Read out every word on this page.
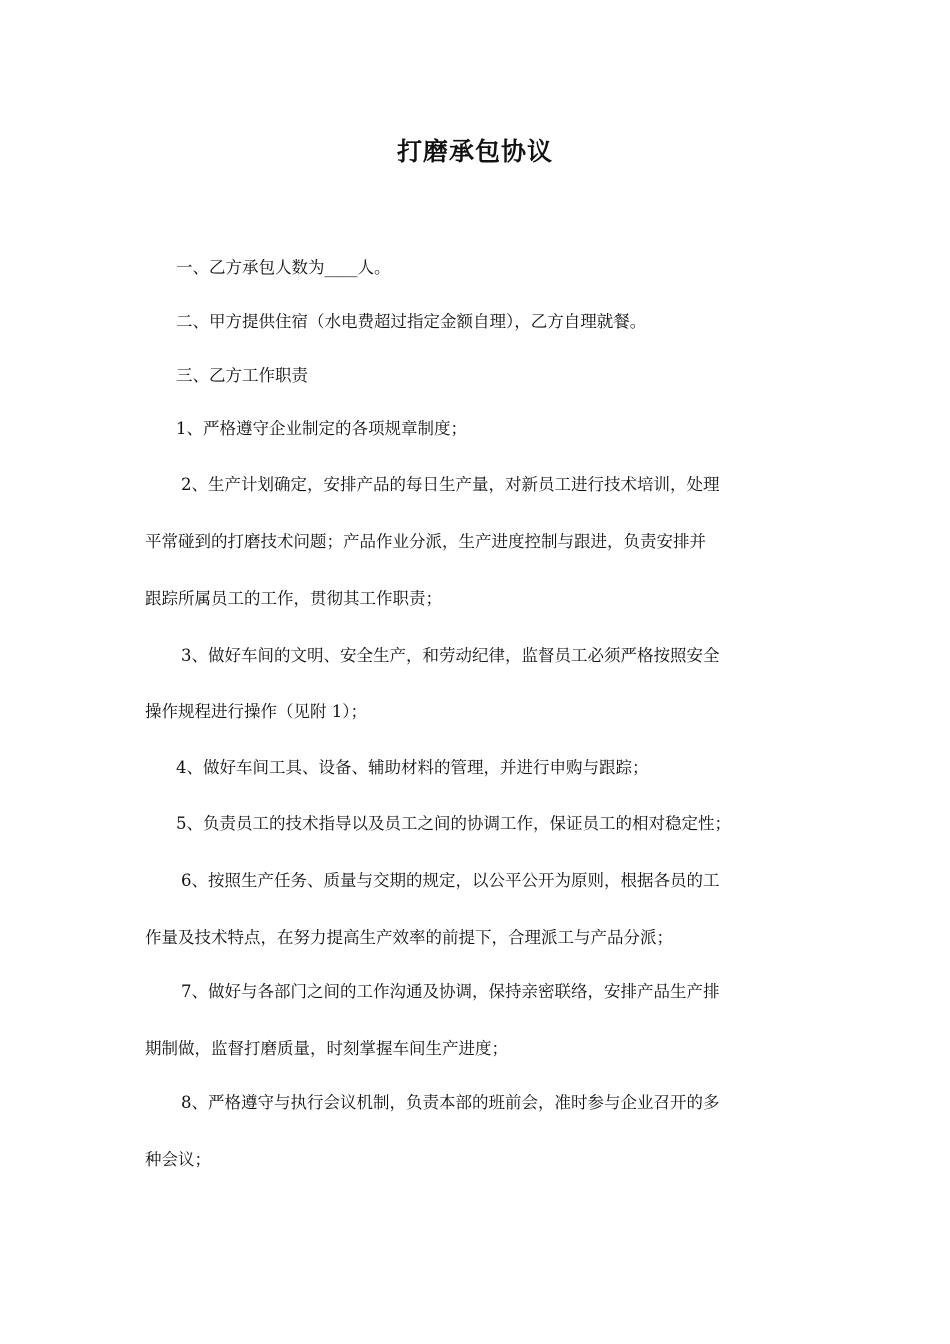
打磨承包协议
一、乙方承包人数为____人。
二、甲方提供住宿（水电费超过指定金额自理），乙方自理就餐。
三、乙方工作职责
1、严格遵守企业制定的各项规章制度；
2、生产计划确定，安排产品的每日生产量，对新员工进行技术培训，处理
平常碰到的打磨技术问题；产品作业分派，生产进度控制与跟进，负责安排并
跟踪所属员工的工作，贯彻其工作职责；
3、做好车间的文明、安全生产，和劳动纪律，监督员工必须严格按照安全
操作规程进行操作（见附 1）；
4、做好车间工具、设备、辅助材料的管理，并进行申购与跟踪；
5、负责员工的技术指导以及员工之间的协调工作，保证员工的相对稳定性；
6、按照生产任务、质量与交期的规定，以公平公开为原则，根据各员的工
作量及技术特点，在努力提高生产效率的前提下，合理派工与产品分派；
7、做好与各部门之间的工作沟通及协调，保持亲密联络，安排产品生产排
期制做，监督打磨质量，时刻掌握车间生产进度；
8、严格遵守与执行会议机制，负责本部的班前会，准时参与企业召开的多
种会议；
